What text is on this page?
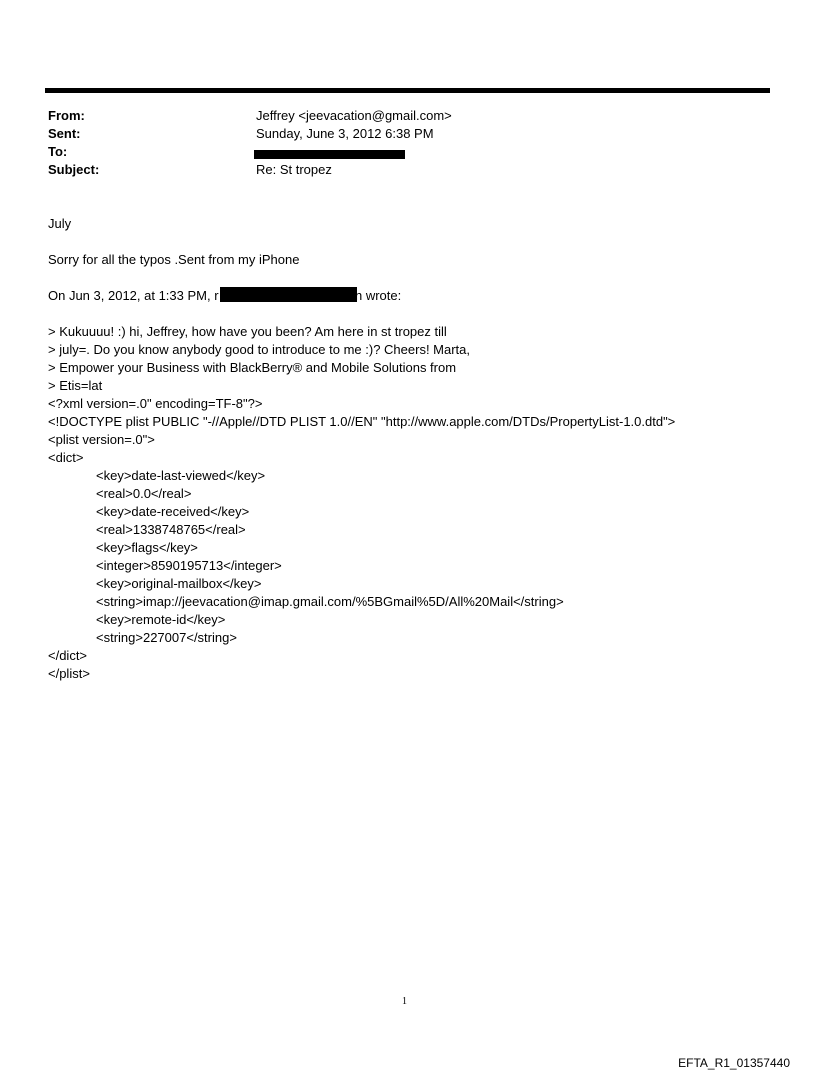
From:	Jeffrey <jeevacation@gmail.com>
Sent:	Sunday, June 3, 2012 6:38 PM
To:
Subject:	Re: St tropez
July
Sorry for all the typos .Sent from my iPhone
On Jun 3, 2012, at 1:33 PM, r	n wrote:
> Kukuuuu! :) hi, Jeffrey, how have you been? Am here in st tropez till
> july=. Do you know anybody good to introduce to me :)? Cheers! Marta,
> Empower your Business with BlackBerry® and Mobile Solutions from
> Etis=lat
<?xml version=.0" encoding=TF-8"?>
<!DOCTYPE plist PUBLIC "-//Apple//DTD PLIST 1.0//EN" "http://www.apple.com/DTDs/PropertyList-1.0.dtd">
<plist version=.0">
<dict>
<key>date-last-viewed</key>
<real>0.0</real>
<key>date-received</key>
<real>1338748765</real>
<key>flags</key>
<integer>8590195713</integer>
<key>original-mailbox</key>
<string>imap://jeevacation@imap.gmail.com/%5BGmail%5D/All%20Mail</string>
<key>remote-id</key>
<string>227007</string>
</dict>
</plist>
1
EFTA_R1_01357440
